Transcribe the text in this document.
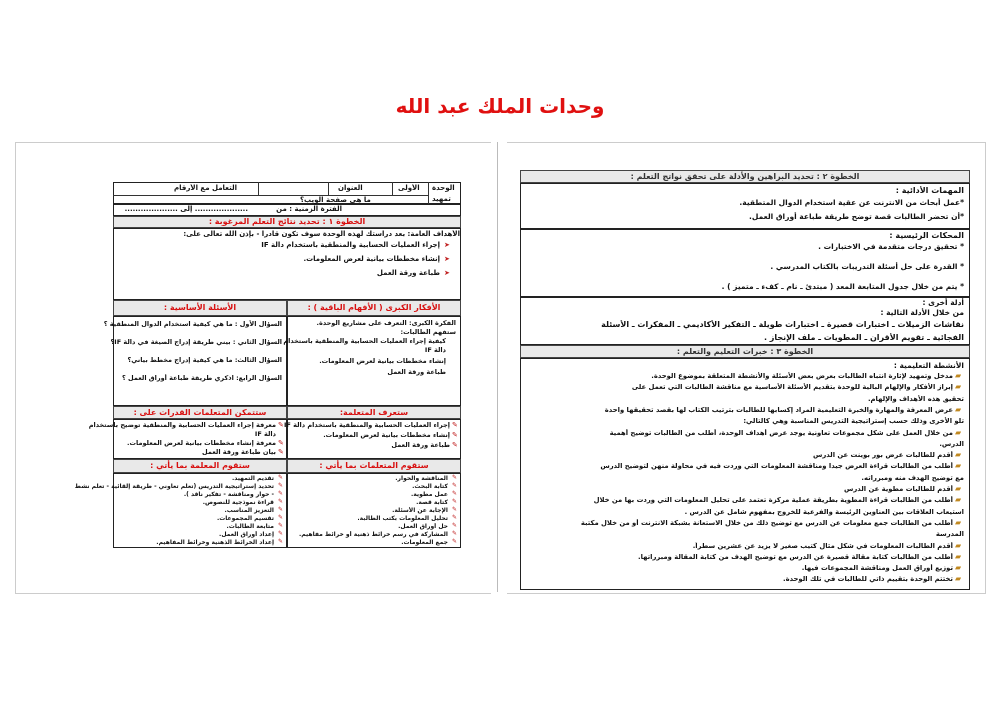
وحدات الملك عبد الله
الخطوة ٢ : تحديد البراهين والأدلة على تحقق نواتج التعلم :
المهمات الأدائية :
*عمل أبحاث من الانترنت عن عقية استخدام الدوال المتطقية.
*أن تحضر الطالبات قصة توضح طريقة طباعة أوراق العمل.
المحكات الرئيسية :
* تحقيق درجات متقدمة في الاختبارات .
* القدرة على حل أسئلة التدريبات بالكتاب المدرسي .
* يتم من خلال جدول المتابعة المعد ( مبتدئ ـ نام ـ كفء ـ متميز ) .
أدلة أخرى :
من خلال الأدلة التالية :
نقاشات الزميلات ـ اختبارات قصيرة ـ اختبارات طويلة ـ التفكير الأكاديمي ـ المفكرات ـ الأسئلة
الفجائية ـ تقويم الأقران ـ المطويات ـ ملف الإنجاز .
الخطوة ٣ : خبرات التعليم والتعلم :
الأنشطة التعليمية :
الوحدة
تمهيد
الأولى
العنوان
التعامل مع الأرقام
ما هي صفحة الويب؟
الفترة الزمنية : من
.................... إلى ....................
الخطوة ١ : تحديد نتائج التعلم المرغوبة :
الأهداف العامة: بعد دراستك لهذه الوحدة سوف تكون قادرا - بإذن الله تعالى على:
إجراء العمليات الحسابية والمنطقية باستخدام دالة IF
إنشاء مخططات بيانية لعرض المعلومات.
طباعة ورقة العمل
➤
➤
➤
الأفكار الكبرى ( الأفهام الباقية ) :
الأسئلة الأساسية :
الفكرة الكبرى: التعرف على مشاريع الوحدة.
ستفهم الطالبات:
كيفية إجراء العمليات الحسابية والمنطقية باستخدام
دالة IF
إنشاء مخططات بيانية لعرض المعلومات.
طباعة ورقة العمل
السؤال الأول : ما هي كيفية استخدام الدوال المنطقية ؟
السؤال الثاني : بيني طريقة إدراج الصيغة في دالة IF؟
السؤال الثالث: ما هي كيفية إدراج مخطط بياني؟
السؤال الرابع: اذكري طريقة طباعة أوراق العمل ؟
ستعرف المتعلمة:
ستتمكن المتعلمات القدرات على :
إجراء العمليات الحسابية والمنطقية باستخدام دالة IF
إنشاء مخططات بيانية لعرض المعلومات.
طباعة ورقة العمل
معرفة إجراء العمليات الحسابية والمنطقية توضيح باستخدام
دالة IF
معرفة إنشاء مخططات بيانية لعرض المعلومات.
بيان طباعة ورقة العمل
✎
✎
✎
✎
✎
✎
ستقوم المتعلمات بما يأتي :
ستقوم المعلمة بما يأتي :
مدخل وتمهيد لإثارة انتباه الطالبات بعرض بعض الأسئلة والأنشطة المتعلقة بموضوع الوحدة. ▰
إبراز الأفكار والإلهام البالية للوحدة بتقديم الأسئلة الأساسية مع مناقشة الطالبات التي تعمل على ▰
تحقيق هذه الأهداف والإلهام.
عرض المعرفة والمهارة والخبرة التعليمية المراد إكسابها للطالبات بترتيب الكتاب لها بقصد تحقيقها واحدة ▰
تلو الأخرى وذلك حسب إستراتيجية التدريس المناسبة وهي كالتالي:
من خلال العمل على شكل مجموعات تعاونية يوجد عرض أهداف الوحدة، أطلب من الطالبات توضيح أهمية ▰
الدرس.
أقدم للطالبات عرض بور بوينت عن الدرس ▰
أطلب من الطالبات قراءة العرض جيدا ومناقشة المعلومات التي وردت فيه في محاولة منهن لتوضيح الدرس ▰
مع توضيح الهدف منه ومبرراته.
أقدم للطالبات مطوية عن الدرس ▰
أطلب من الطالبات قراءة المطوية بطريقة عملية مركزة تعتمد على تحليل المعلومات التي وردت بها من خلال ▰
استيعاب العلاقات بين العناوين الرئيسة والفرعية للخروج بمفهوم شامل عن الدرس .
أطلب من الطالبات جمع معلومات عن الدرس مع توضيح ذلك من خلال الاستعانة بشبكة الانترنت أو من خلال مكتبة ▰
المدرسة
أقدم الطالبات المعلومات في شكل مثال كتيب صغير لا يزيد عن عشرين سطراً. ▰
أطلب من الطالبات كتابة مقالة قصيرة عن الدرس مع توضيح الهدف من كتابة المقالة ومبرراتها. ▰
توزيع أوراق العمل ومناقشة المجموعات فيها. ▰
تختتم الوحدة بتقييم ذاتي للطالبات في تلك الوحدة. ▰
المناقشة والحوار. ✎
كتابة البحث. ✎
عمل مطوية. ✎
كتابة قصة. ✎
الإجابة عن الأسئلة. ✎
تحليل المعلومات بكتب الطالبة. ✎
حل أوراق العمل. ✎
المشاركة في رسم خرائط ذهنية أو خرائط مفاهيم. ✎
جمع المعلومات. ✎
تقديم التمهيد. ✎
تحديد إستراتيجية التدريس (تعلم تعاوني - طريقة إلقائية - تعلم نشط ✎
- حوار ومناقشة - تفكير ناقد ). ✎
قراءة نموذجية للنصوص. ✎
التعزيز المناسب. ✎
تقسيم المجموعات. ✎
متابعة الطالبات. ✎
إعداد أوراق العمل. ✎
إعداد الخرائط الذهنية وخرائط المفاهيم. ✎
